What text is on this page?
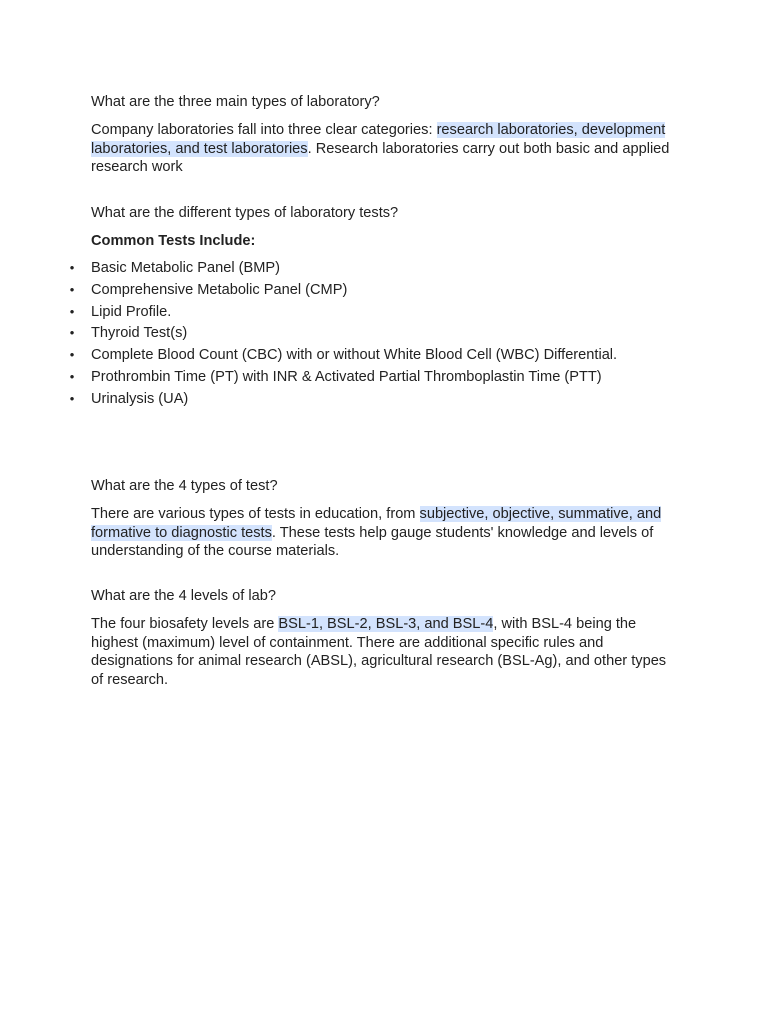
What are the three main types of laboratory?

Company laboratories fall into three clear categories: research laboratories, development laboratories, and test laboratories. Research laboratories carry out both basic and applied research work

What are the different types of laboratory tests?

Common Tests Include:

• Basic Metabolic Panel (BMP)
• Comprehensive Metabolic Panel (CMP)
• Lipid Profile.
• Thyroid Test(s)
• Complete Blood Count (CBC) with or without White Blood Cell (WBC) Differential.
• Prothrombin Time (PT) with INR & Activated Partial Thromboplastin Time (PTT)
• Urinalysis (UA)

What are the 4 types of test?

There are various types of tests in education, from subjective, objective, summative, and formative to diagnostic tests. These tests help gauge students' knowledge and levels of understanding of the course materials.

What are the 4 levels of lab?

The four biosafety levels are BSL-1, BSL-2, BSL-3, and BSL-4, with BSL-4 being the highest (maximum) level of containment. There are additional specific rules and designations for animal research (ABSL), agricultural research (BSL-Ag), and other types of research.
